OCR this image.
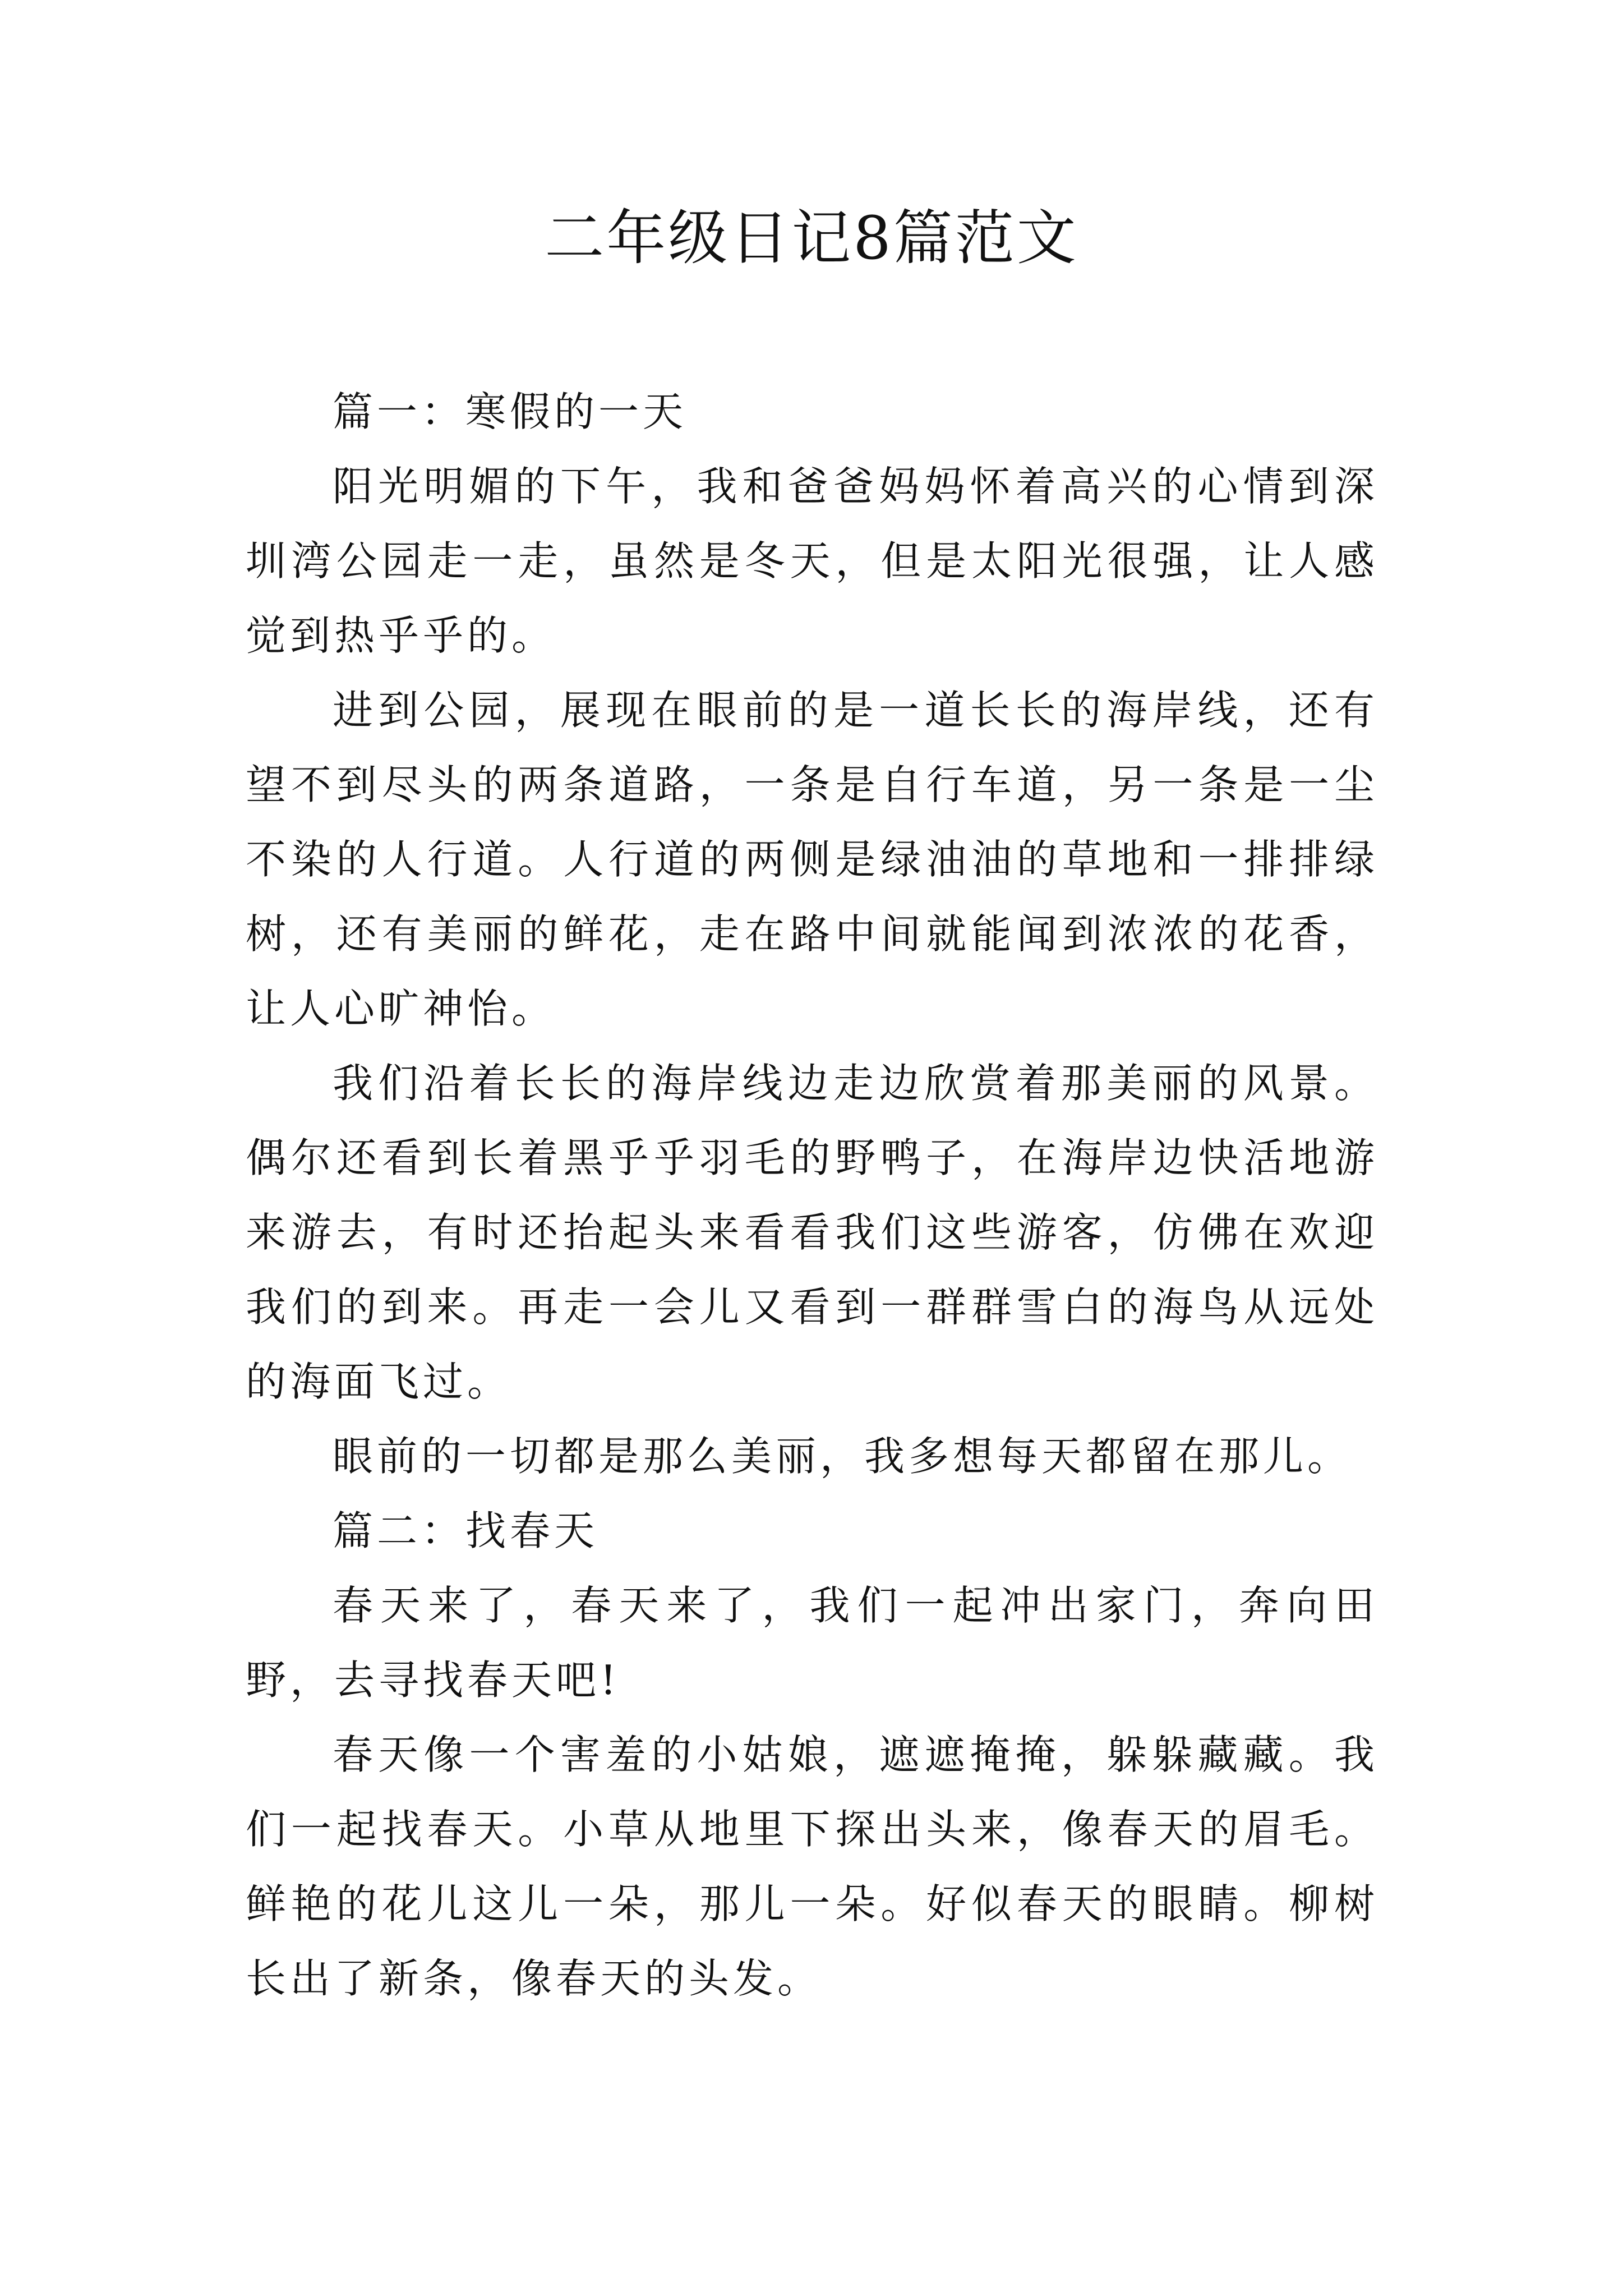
二年级日记8篇范文

篇一：寒假的一天

阳光明媚的下午，我和爸爸妈妈怀着高兴的心情到深圳湾公园走一走，虽然是冬天，但是太阳光很强，让人感觉到热乎乎的。

进到公园，展现在眼前的是一道长长的海岸线，还有望不到尽头的两条道路，一条是自行车道，另一条是一尘不染的人行道。人行道的两侧是绿油油的草地和一排排绿树，还有美丽的鲜花，走在路中间就能闻到浓浓的花香，让人心旷神怡。

我们沿着长长的海岸线边走边欣赏着那美丽的风景。偶尔还看到长着黑乎乎羽毛的野鸭子，在海岸边快活地游来游去，有时还抬起头来看看我们这些游客，仿佛在欢迎我们的到来。再走一会儿又看到一群群雪白的海鸟从远处的海面飞过。

眼前的一切都是那么美丽，我多想每天都留在那儿。

篇二：找春天

春天来了，春天来了，我们一起冲出家门，奔向田野，去寻找春天吧!

春天像一个害羞的小姑娘，遮遮掩掩，躲躲藏藏。我们一起找春天。小草从地里下探出头来，像春天的眉毛。鲜艳的花儿这儿一朵，那儿一朵。好似春天的眼睛。柳树长出了新条，像春天的头发。
